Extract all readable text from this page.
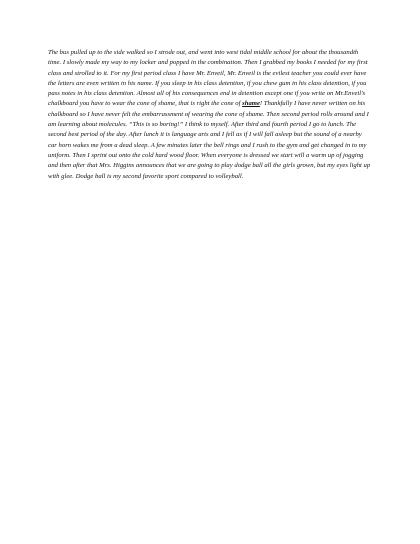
The bus pulled up to the side walked so I strode out, and went into west tidal middle school for about the thousandth time. I slowly made my way to my locker and popped in the combination. Then I grabbed my books I needed for my first class and strolled to it. For my first period class I have Mr. Enveil, Mr. Enveil is the evilest teacher you could ever have the letters are even written in his name. If you sleep in his class detention, if you chew gum in his class detention, if you pass notes in his class detention. Almost all of his consequences end in detention except one if you write on Mr.Enveil's chalkboard you have to wear the cone of shame, that is right the cone of shame! Thankfully I have never written on his chalkboard so I have never felt the embarrassment of wearing the cone of shame. Then second period rolls around and I am learning about molecules. “This is so boring!” I think to myself. After third and fourth period I go to lunch. The second best period of the day. After lunch it is language arts and I fell as if I will fall asleep but the sound of a nearby car horn wakes me from a dead sleep. A few minutes later the bell rings and I rush to the gym and get changed in to my uniform. Then I sprint out onto the cold hard wood floor. When everyone is dressed we start will a warm up of jogging and then after that Mrs. Higgins announces that we are going to play dodge ball all the girls grown, but my eyes light up with glee. Dodge ball is my second favorite sport compared to volleyball.
